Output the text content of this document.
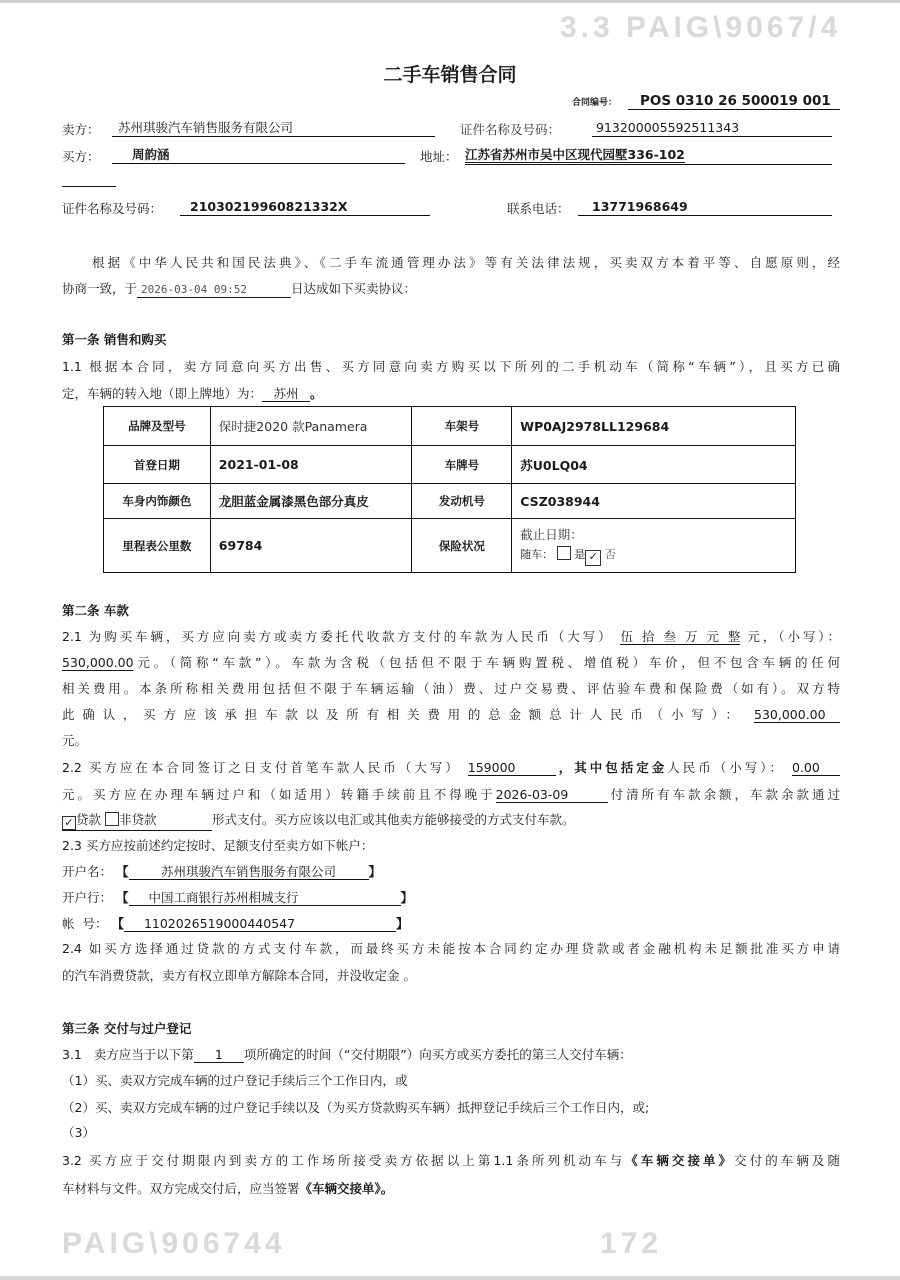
二手车销售合同
合同编号：	POS 0310 26 500019 001
卖方：	苏州琪骏汽车销售服务有限公司	证件名称及号码：	913200005592511343
买方：	周韵涵	地址： 江苏省苏州市吴中区现代园墅336-102
证件名称及号码：	21030219960821332X	联系电话：	13771968649
根据《中华人民共和国民法典》、《二手车流通管理办法》等有关法律法规，买卖双方本着平等、自愿原则，经
协商一致，于 2026-03-04 09:52	日达成如下买卖协议：
第一条 销售和购买
1.1 根据本合同，卖方同意向买方出售、买方同意向卖方购买以下所列的二手机动车（简称“车辆”），且买方已确
定，车辆的转入地（即上牌地）为： 苏州 。
品牌及型号	保时捷2020 款Panamera	车架号	WP0AJ2978LL129684
首登日期	2021-01-08	车牌号	苏U0LQ04
车身内饰颜色	龙胆蓝金属漆黑色部分真皮	发动机号	CSZ038944
里程表公里数	69784	保险状况	截止日期：
随车： 是 ✓ 否
第二条 车款
2.1 为购买车辆，买方应向卖方或卖方委托代收款方支付的车款为人民币（大写） 伍拾叁万元整 元，（小写）：
530,000.00元。（简称“车款”）。车款为含税（包括但不限于车辆购置税、增值税）车价，但不包含车辆的任何
相关费用。本条所称相关费用包括但不限于车辆运输（油）费、过户交易费、评估验车费和保险费（如有）。双方特
此确认，买方应该承担车款以及所有相关费用的总金额总计人民币（小写）： 530,000.00
元。
2.2 买方应在本合同签订之日支付首笔车款人民币（大写） 159000	，其中包括定金人民币（小写）： 0.00
元。买方应在办理车辆过户和（如适用）转籍手续前且不得晚于2026-03-09	付清所有车款余额，车款余款通过
✓ 贷款 非贷款	形式支付。买方应该以电汇或其他卖方能够接受的方式支付车款。
2.3 买方应按前述约定按时、足额支付至卖方如下帐户：
开户名： 【	苏州琪骏汽车销售服务有限公司	】
开户行： 【 中国工商银行苏州相城支行	】
帐  号： 【 1102026519000440547	】
2.4 如买方选择通过贷款的方式支付车款，而最终买方未能按本合同约定办理贷款或者金融机构未足额批准买方申请
的汽车消费贷款，卖方有权立即单方解除本合同，并没收定金 。
第三条 交付与过户登记
3.1   卖方应当于以下第 1 项所确定的时间（“交付期限”）向买方或买方委托的第三人交付车辆：
（1）买、卖双方完成车辆的过户登记手续后三个工作日内，或
（2）买、卖双方完成车辆的过户登记手续以及（为买方贷款购买车辆）抵押登记手续后三个工作日内，或;
（3）
3.2 买方应于交付期限内到卖方的工作场所接受卖方依据以上第1.1条所列机动车与《车辆交接单》交付的车辆及随
车材料与文件。双方完成交付后，应当签署《车辆交接单》。
3.3 PAIG\9067/4
PAIG\906744	172
